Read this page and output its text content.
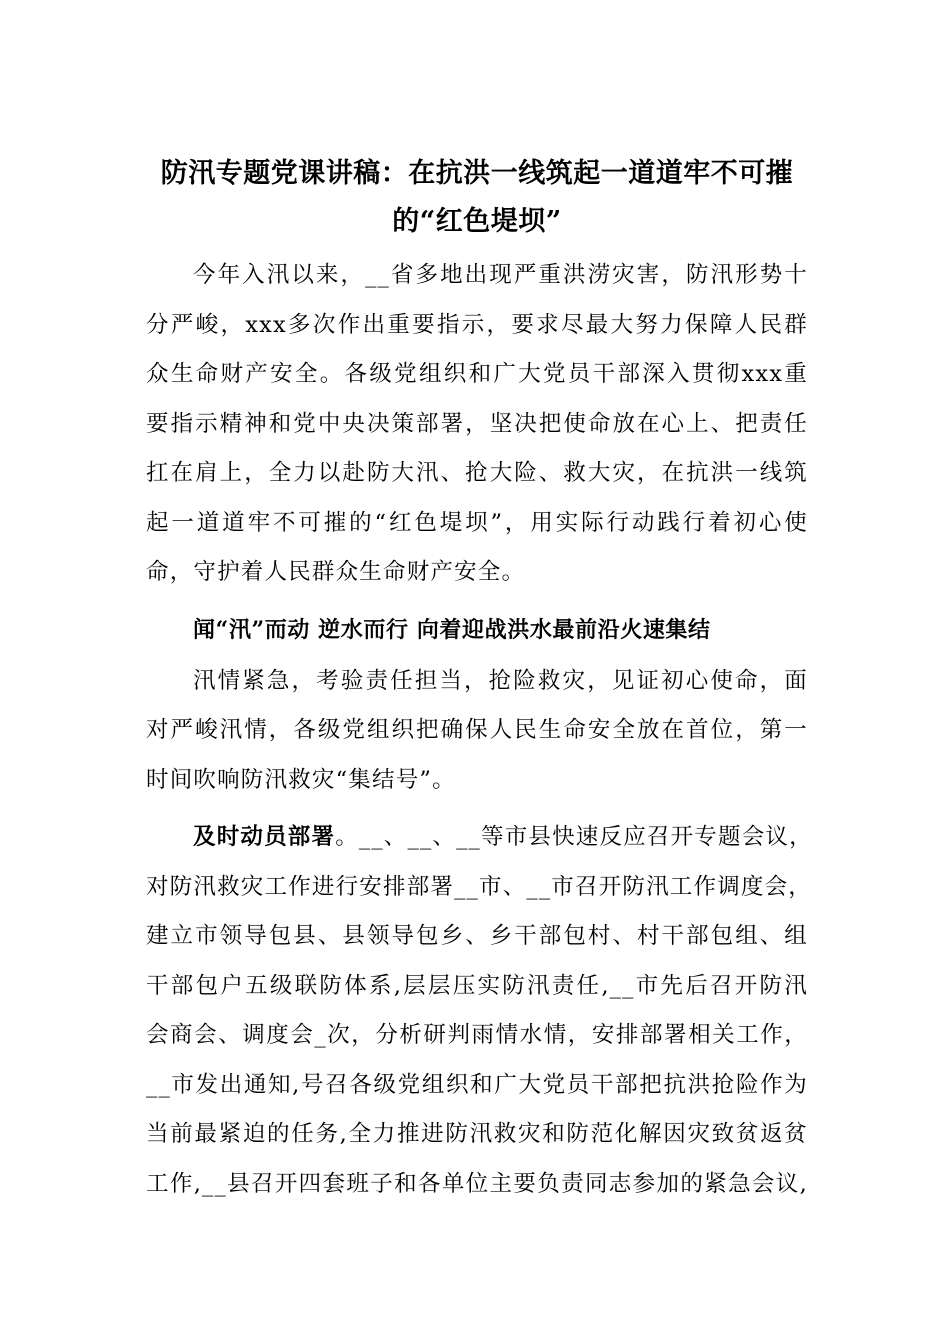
防汛专题党课讲稿：在抗洪一线筑起一道道牢不可摧
的“红色堤坝”
今年入汛以来，__省多地出现严重洪涝灾害，防汛形势十
分严峻，xxx多次作出重要指示，要求尽最大努力保障人民群
众生命财产安全。各级党组织和广大党员干部深入贯彻xxx重
要指示精神和党中央决策部署，坚决把使命放在心上、把责任
扛在肩上，全力以赴防大汛、抢大险、救大灾，在抗洪一线筑
起一道道牢不可摧的“红色堤坝”，用实际行动践行着初心使
命，守护着人民群众生命财产安全。
闻“汛”而动 逆水而行 向着迎战洪水最前沿火速集结
汛情紧急，考验责任担当，抢险救灾，见证初心使命，面
对严峻汛情，各级党组织把确保人民生命安全放在首位，第一
时间吹响防汛救灾“集结号”。
及时动员部署。__、__、__等市县快速反应召开专题会议，
对防汛救灾工作进行安排部署__市、__市召开防汛工作调度会，
建立市领导包县、县领导包乡、乡干部包村、村干部包组、组
干部包户五级联防体系,层层压实防汛责任,__市先后召开防汛
会商会、调度会_次，分析研判雨情水情，安排部署相关工作，
__市发出通知,号召各级党组织和广大党员干部把抗洪抢险作为
当前最紧迫的任务,全力推进防汛救灾和防范化解因灾致贫返贫
工作,__县召开四套班子和各单位主要负责同志参加的紧急会议,
